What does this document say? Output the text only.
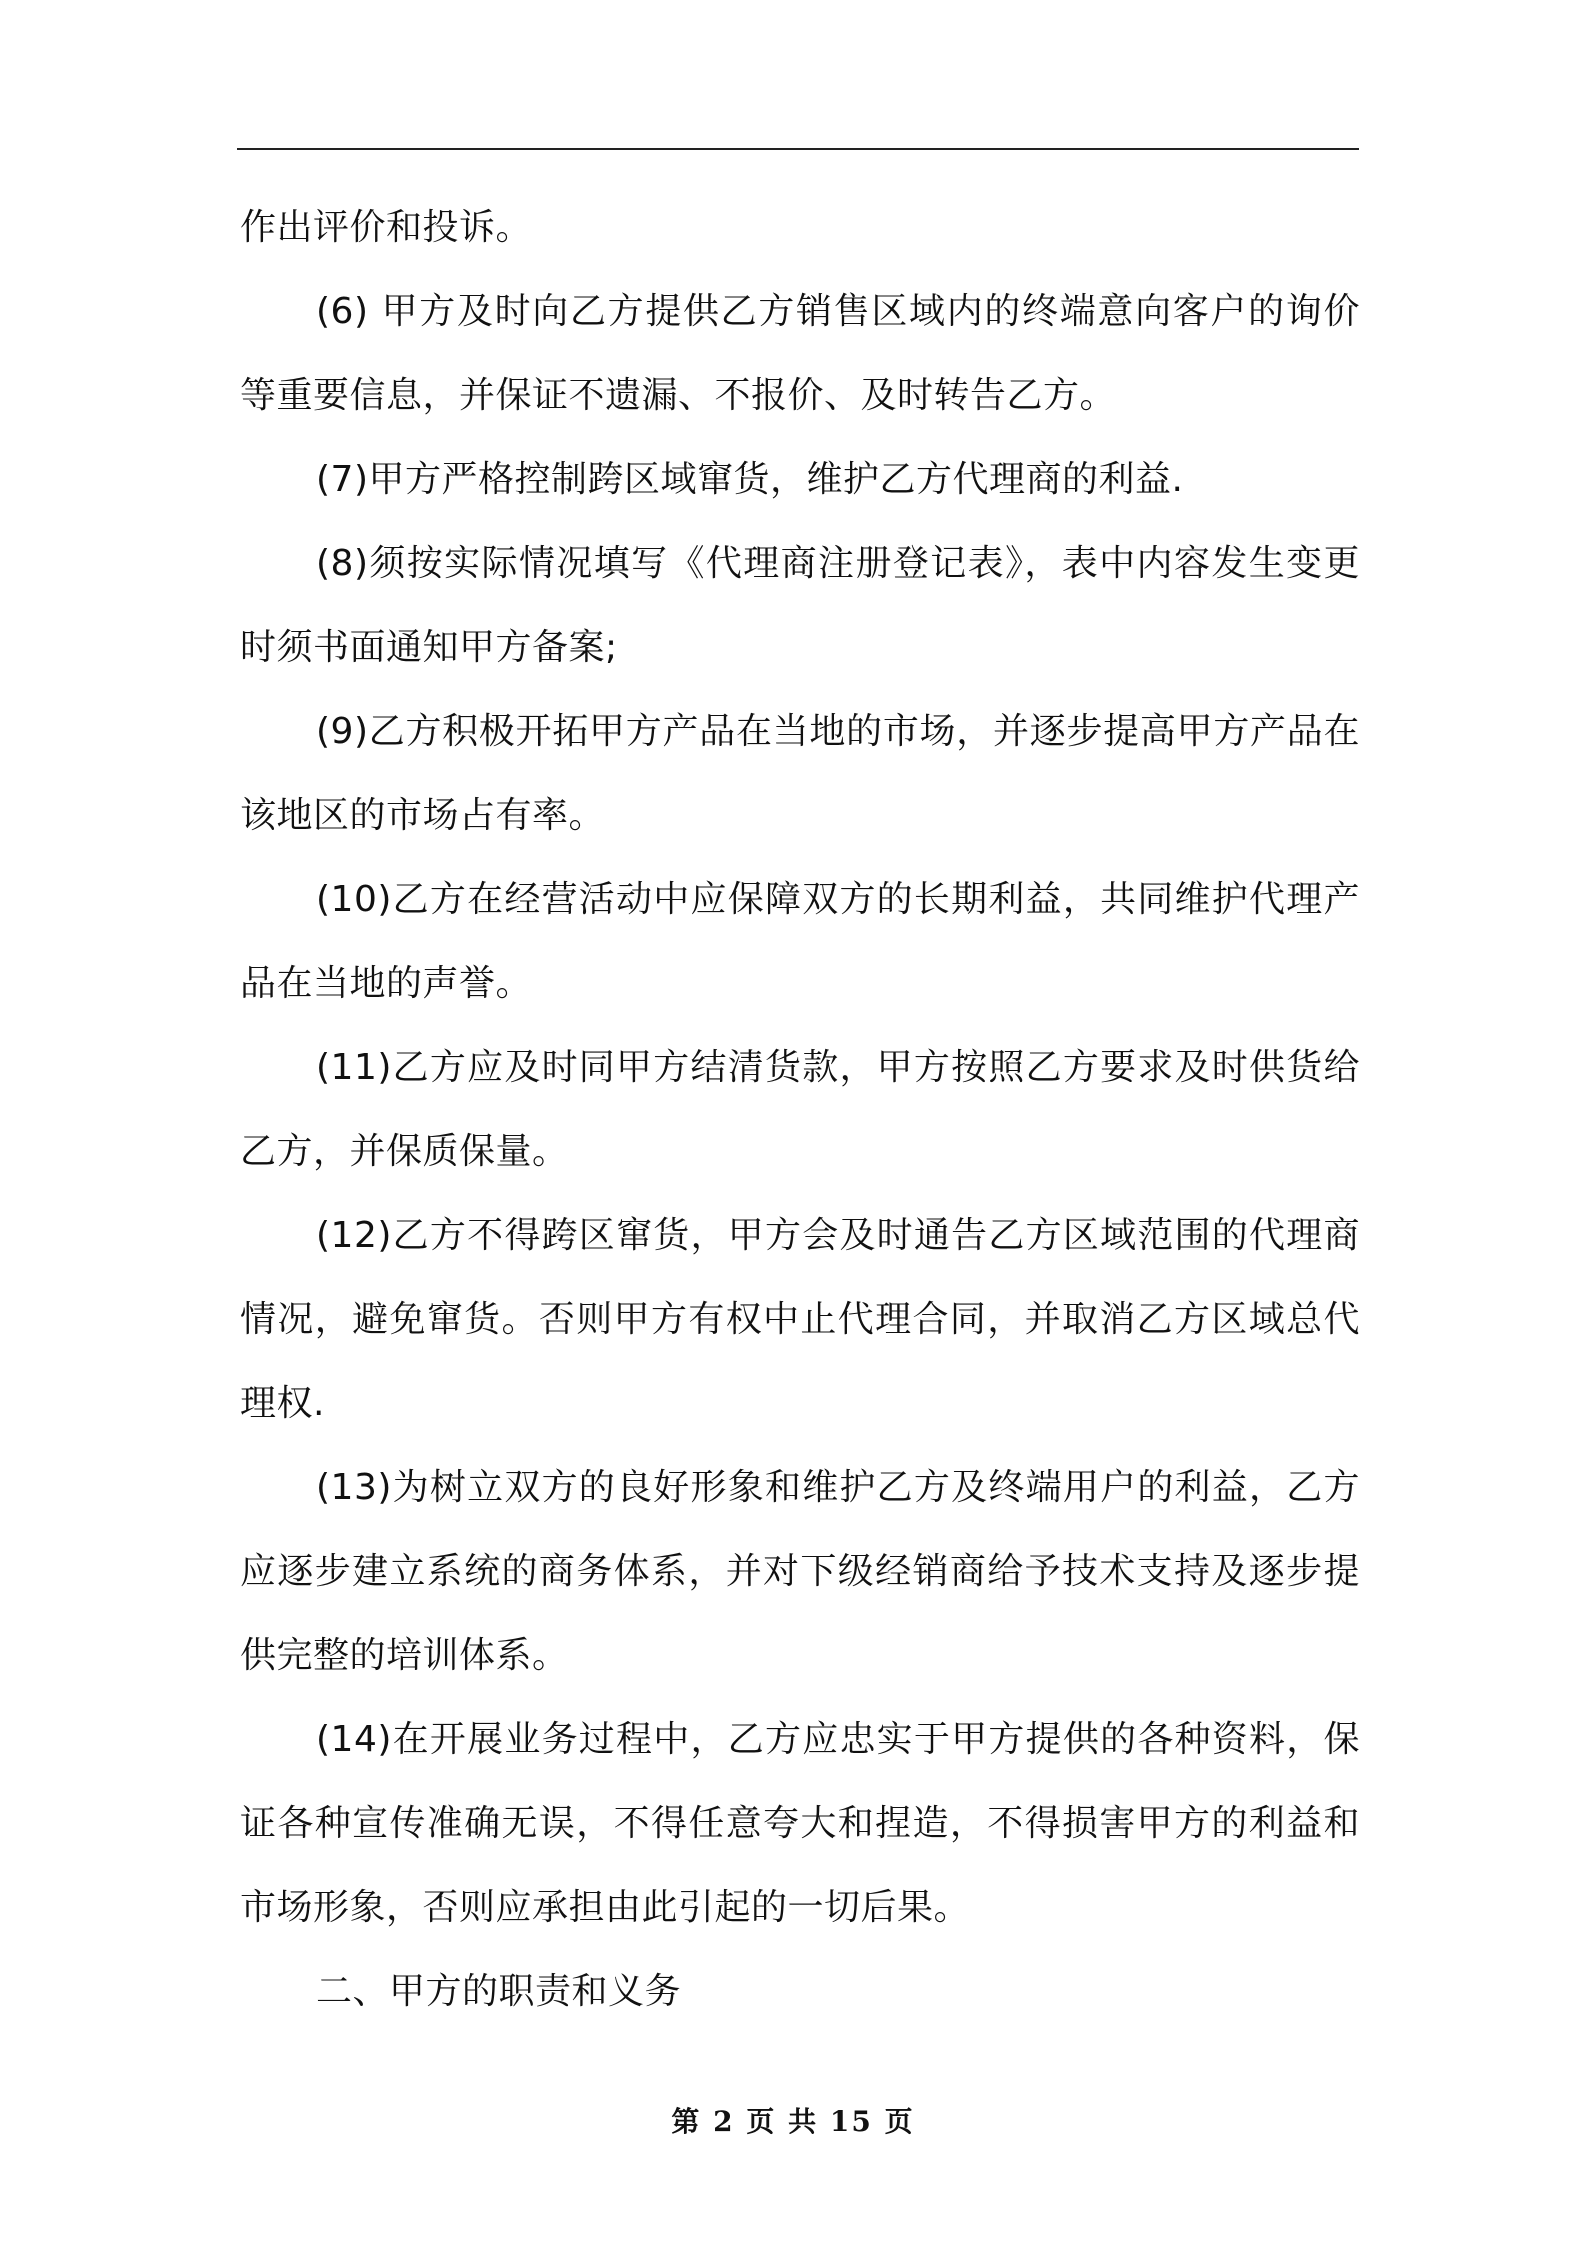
作出评价和投诉。

(6) 甲方及时向乙方提供乙方销售区域内的终端意向客户的询价等重要信息，并保证不遗漏、不报价、及时转告乙方。

(7)甲方严格控制跨区域窜货，维护乙方代理商的利益.

(8)须按实际情况填写《代理商注册登记表》，表中内容发生变更时须书面通知甲方备案;

(9)乙方积极开拓甲方产品在当地的市场，并逐步提高甲方产品在该地区的市场占有率。

(10)乙方在经营活动中应保障双方的长期利益，共同维护代理产品在当地的声誉。

(11)乙方应及时同甲方结清货款，甲方按照乙方要求及时供货给乙方，并保质保量。

(12)乙方不得跨区窜货，甲方会及时通告乙方区域范围的代理商情况，避免窜货。否则甲方有权中止代理合同，并取消乙方区域总代理权.

(13)为树立双方的良好形象和维护乙方及终端用户的利益，乙方应逐步建立系统的商务体系，并对下级经销商给予技术支持及逐步提供完整的培训体系。

(14)在开展业务过程中，乙方应忠实于甲方提供的各种资料，保证各种宣传准确无误，不得任意夸大和捏造，不得损害甲方的利益和市场形象，否则应承担由此引起的一切后果。

二、甲方的职责和义务

第 2 页 共 15 页
